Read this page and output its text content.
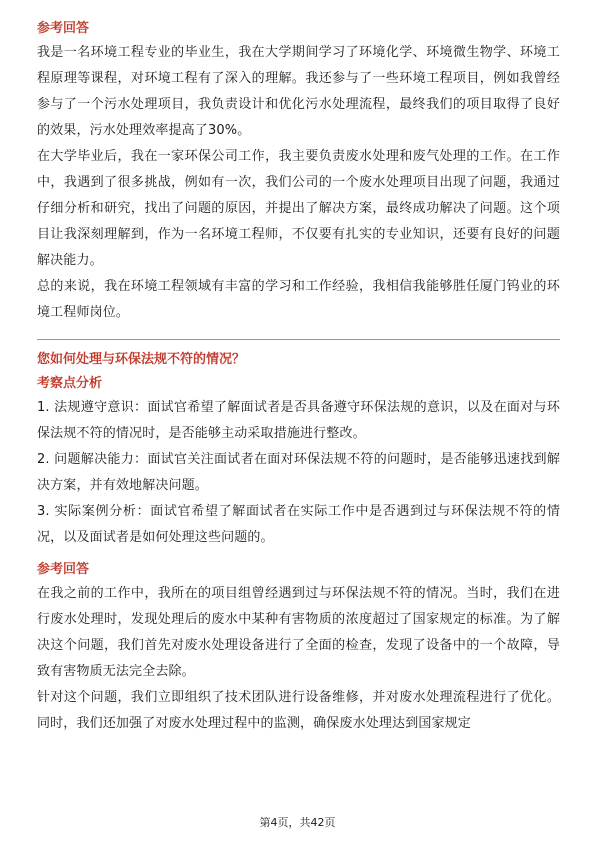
参考回答

我是一名环境工程专业的毕业生，我在大学期间学习了环境化学、环境微生物学、环境工程原理等课程，对环境工程有了深入的理解。我还参与了一些环境工程项目，例如我曾经参与了一个污水处理项目，我负责设计和优化污水处理流程，最终我们的项目取得了良好的效果，污水处理效率提高了30%。

在大学毕业后，我在一家环保公司工作，我主要负责废水处理和废气处理的工作。在工作中，我遇到了很多挑战，例如有一次，我们公司的一个废水处理项目出现了问题，我通过仔细分析和研究，找出了问题的原因，并提出了解决方案，最终成功解决了问题。这个项目让我深刻理解到，作为一名环境工程师，不仅要有扎实的专业知识，还要有良好的问题解决能力。

总的来说，我在环境工程领域有丰富的学习和工作经验，我相信我能够胜任厦门钨业的环境工程师岗位。

您如何处理与环保法规不符的情况？

考察点分析

1. 法规遵守意识：面试官希望了解面试者是否具备遵守环保法规的意识，以及在面对与环保法规不符的情况时，是否能够主动采取措施进行整改。

2. 问题解决能力：面试官关注面试者在面对环保法规不符的问题时，是否能够迅速找到解决方案，并有效地解决问题。

3. 实际案例分析：面试官希望了解面试者在实际工作中是否遇到过与环保法规不符的情况，以及面试者是如何处理这些问题的。

参考回答

在我之前的工作中，我所在的项目组曾经遇到过与环保法规不符的情况。当时，我们在进行废水处理时，发现处理后的废水中某种有害物质的浓度超过了国家规定的标准。为了解决这个问题，我们首先对废水处理设备进行了全面的检查，发现了设备中的一个故障，导致有害物质无法完全去除。

针对这个问题，我们立即组织了技术团队进行设备维修，并对废水处理流程进行了优化。同时，我们还加强了对废水处理过程中的监测，确保废水处理达到国家规定

第4页，共42页
